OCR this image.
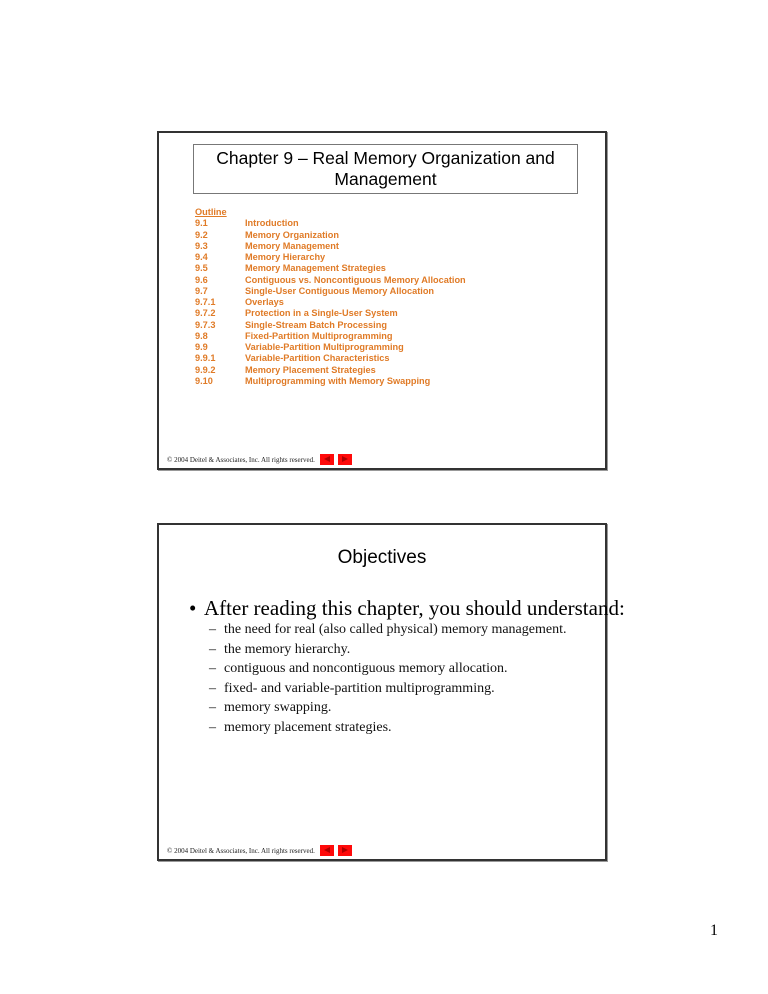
Chapter 9 – Real Memory Organization and Management
Outline
9.1	Introduction
9.2	Memory Organization
9.3	Memory Management
9.4	Memory Hierarchy
9.5	Memory Management Strategies
9.6	Contiguous vs. Noncontiguous Memory Allocation
9.7	Single-User Contiguous Memory Allocation
9.7.1	Overlays
9.7.2	Protection in a Single-User System
9.7.3	Single-Stream Batch Processing
9.8	Fixed-Partition Multiprogramming
9.9	Variable-Partition Multiprogramming
9.9.1	Variable-Partition Characteristics
9.9.2	Memory Placement Strategies
9.10	Multiprogramming with Memory Swapping
© 2004 Deitel & Associates, Inc. All rights reserved.
Objectives
• After reading this chapter, you should understand:
– the need for real (also called physical) memory management.
– the memory hierarchy.
– contiguous and noncontiguous memory allocation.
– fixed- and variable-partition multiprogramming.
– memory swapping.
– memory placement strategies.
© 2004 Deitel & Associates, Inc. All rights reserved.
1
